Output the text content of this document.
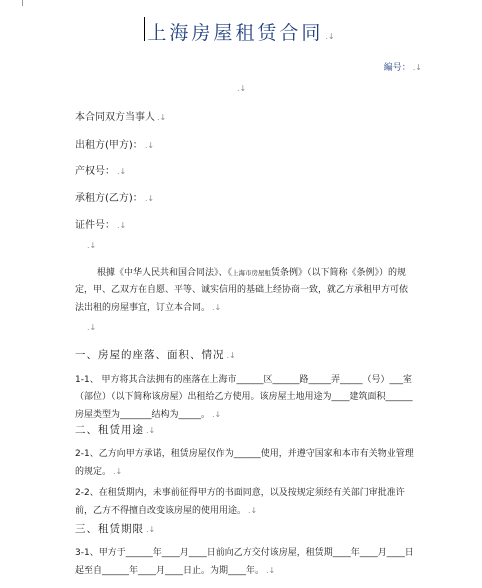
上海房屋租赁合同 .↓
編号： .↓
.↓
本合同双方当事人 .↓
出租方(甲方)： .↓
产权号： .↓
承租方(乙方)： .↓
证件号： .↓
.↓
根據《中华人民共和国合同法》、《上海市房屋租赁条例》（以下简称《条例》）的规定，甲、乙双方在自愿、平等、诚实信用的基础上经协商一致，就乙方承租甲方可依法出租的房屋事宜，订立本合同。 .↓
.↓
一、房屋的座落、面积、情况 .↓
1-1、 甲方将其合法拥有的座落在上海市______区______路_____弄_____（号）___室（部位）（以下简称该房屋）出租给乙方使用。该房屋土地用途为____建筑面积______房屋类型为_______结构为_____。 .↓
二、租赁用途 .↓
2-1、乙方向甲方承诺，租赁房屋仅作为______使用，并遵守国家和本市有关物业管理的规定。 .↓
2-2、在租赁期内，未事前征得甲方的书面同意，以及按规定须经有关部门审批准许前，乙方不得擅自改变该房屋的使用用途。 .↓
三、租赁期限 .↓
3-1、甲方于______年____月____日前向乙方交付该房屋，租赁期____年____月____日起至自______年____月____日止。为期____年。 .↓
